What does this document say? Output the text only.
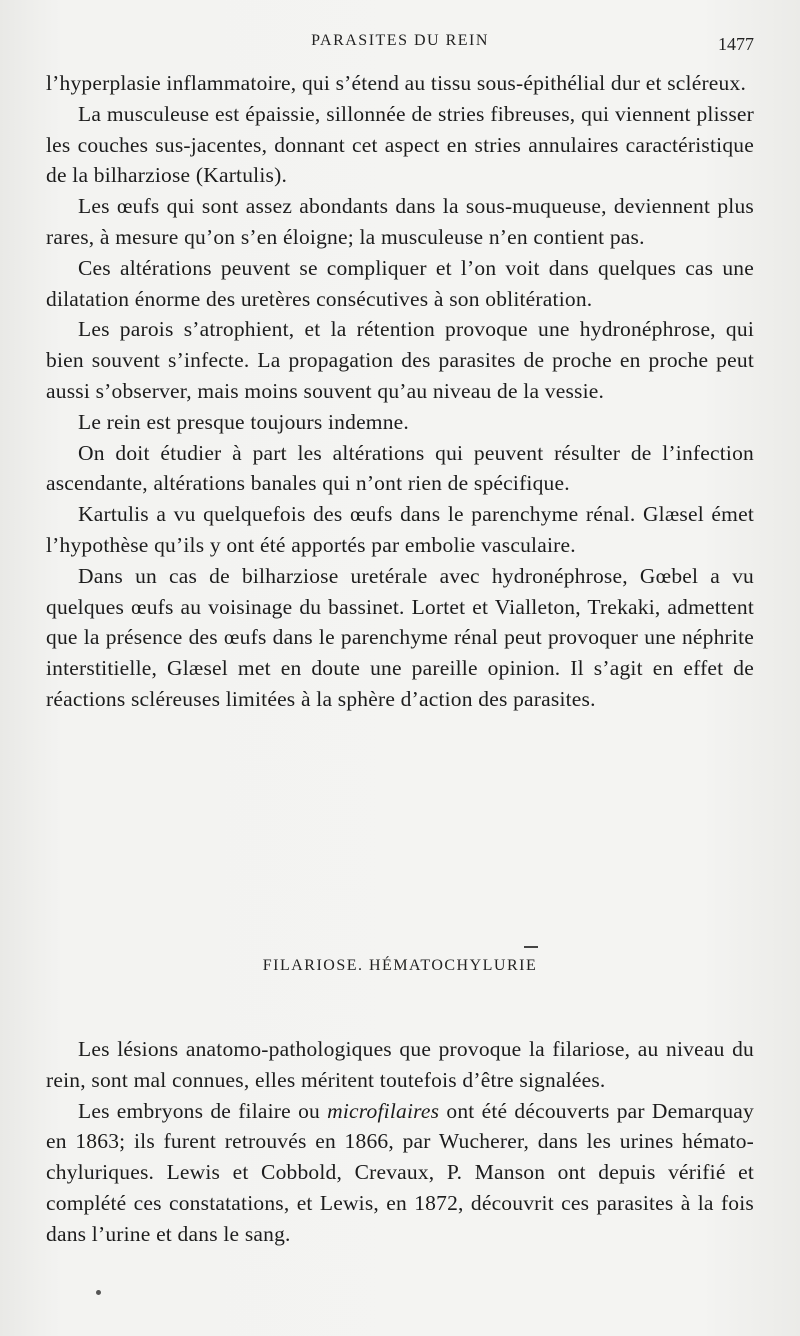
PARASITES DU REIN	1477

l’hyperplasie inflammatoire, qui s’étend au tissu sous-épithélial dur et scléreux.

La musculeuse est épaissie, sillonnée de stries fibreuses, qui viennent plisser les couches sus-jacentes, donnant cet aspect en stries annulaires caractéristique de la bilharziose (Kartulis).

Les œufs qui sont assez abondants dans la sous-muqueuse, deviennent plus rares, à mesure qu’on s’en éloigne; la musculeuse n’en contient pas.

Ces altérations peuvent se compliquer et l’on voit dans quelques cas une dilatation énorme des uretères consécutives à son oblitération.

Les parois s’atrophient, et la rétention provoque une hydronéphrose, qui bien souvent s’infecte. La propagation des parasites de proche en proche peut aussi s’observer, mais moins souvent qu’au niveau de la vessie.

Le rein est presque toujours indemne.

On doit étudier à part les altérations qui peuvent résulter de l’infection ascendante, altérations banales qui n’ont rien de spécifique.

Kartulis a vu quelquefois des œufs dans le parenchyme rénal. Glæsel émet l’hypothèse qu’ils y ont été apportés par embolie vasculaire.

Dans un cas de bilharziose uretérale avec hydronéphrose, Gœbel a vu quelques œufs au voisinage du bassinet. Lortet et Vialleton, Trekaki, admettent que la présence des œufs dans le parenchyme rénal peut provoquer une néphrite interstitielle, Glæsel met en doute une pareille opinion. Il s’agit en effet de réactions scléreuses limitées à la sphère d’action des parasites.

FILARIOSE. HÉMATOCHYLURIE

Les lésions anatomo-pathologiques que provoque la filariose, au niveau du rein, sont mal connues, elles méritent toutefois d’être signalées.

Les embryons de filaire ou microfilaires ont été découverts par Demarquay en 1863; ils furent retrouvés en 1866, par Wucherer, dans les urines hémato-chyluriques. Lewis et Cobbold, Crevaux, P. Manson ont depuis vérifié et complété ces constatations, et Lewis, en 1872, découvrit ces parasites à la fois dans l’urine et dans le sang.
